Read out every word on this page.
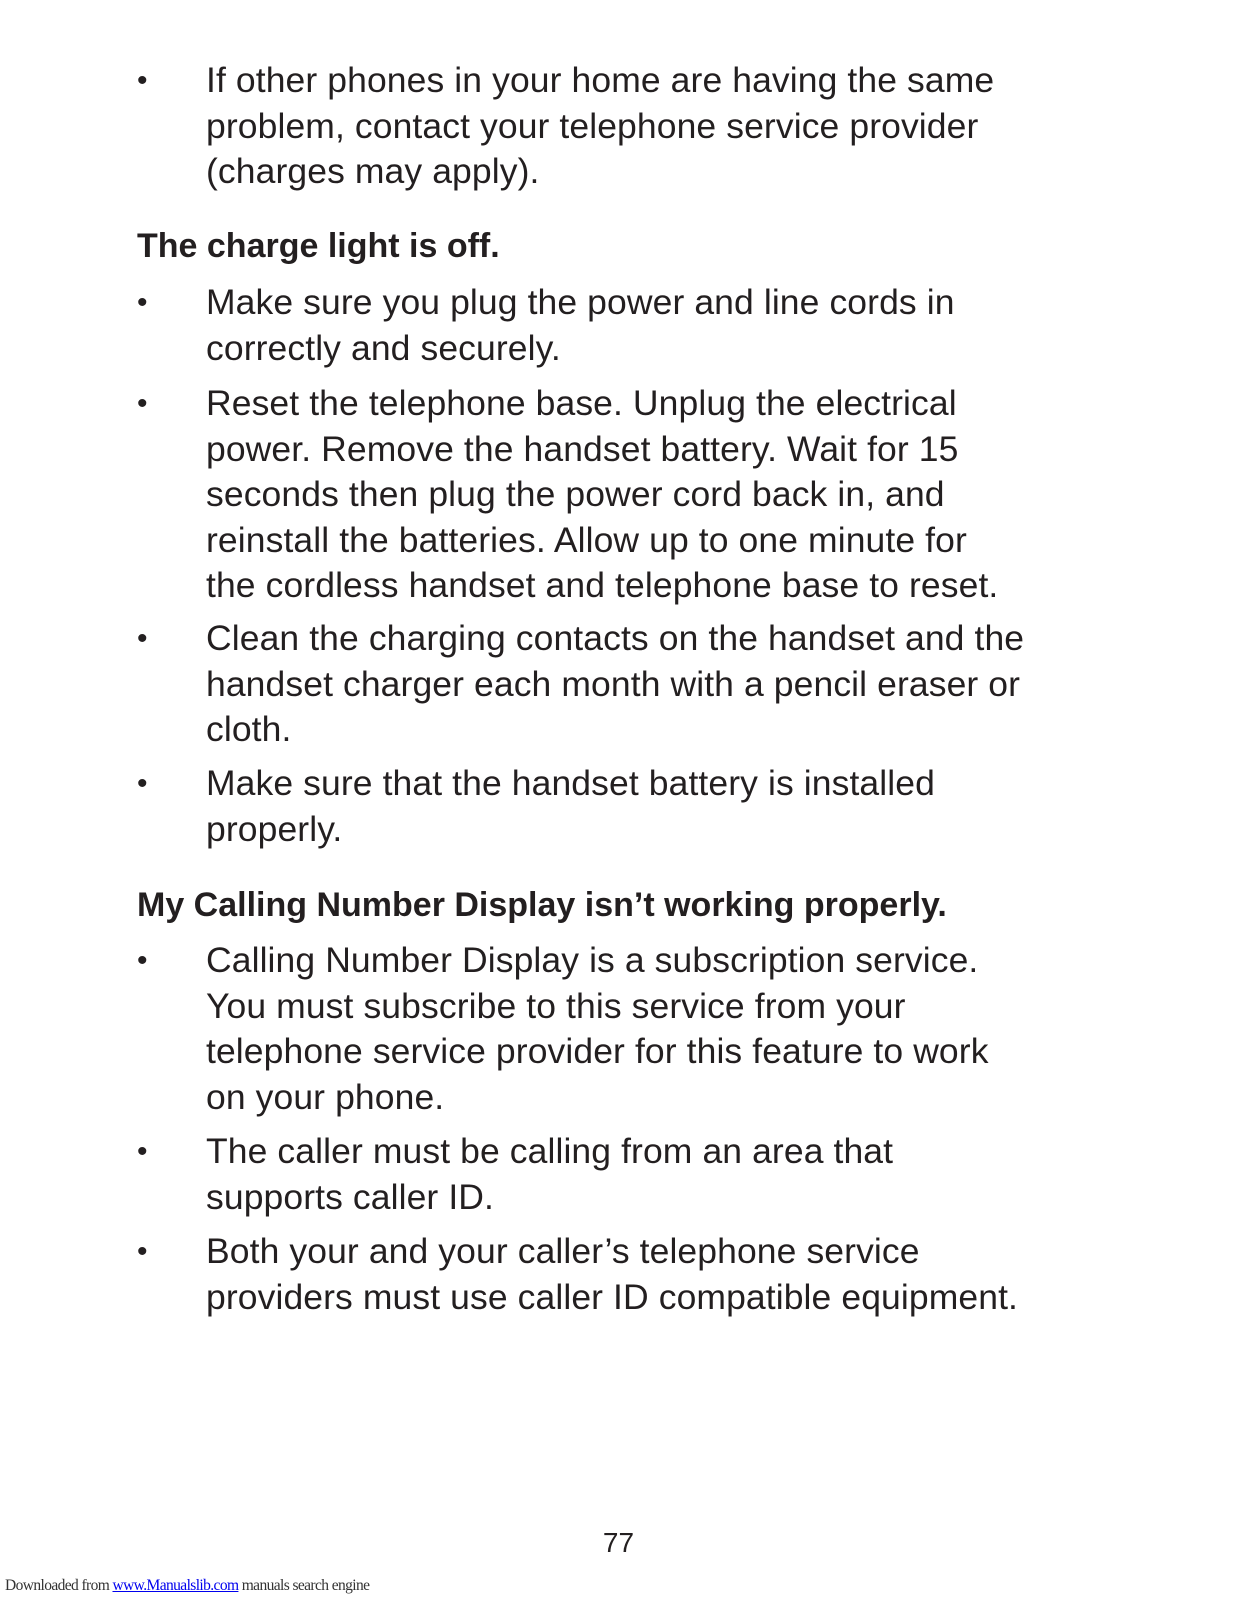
• If other phones in your home are having the same
problem, contact your telephone service provider
(charges may apply).
The charge light is off.
• Make sure you plug the power and line cords in
correctly and securely.
• Reset the telephone base. Unplug the electrical
power. Remove the handset battery. Wait for 15
seconds then plug the power cord back in, and
reinstall the batteries. Allow up to one minute for
the cordless handset and telephone base to reset.
• Clean the charging contacts on the handset and the
handset charger each month with a pencil eraser or
cloth.
• Make sure that the handset battery is installed
properly.
My Calling Number Display isn’t working properly.
• Calling Number Display is a subscription service.
You must subscribe to this service from your
telephone service provider for this feature to work
on your phone.
• The caller must be calling from an area that
supports caller ID.
• Both your and your caller’s telephone service
providers must use caller ID compatible equipment.
77
Downloaded from www.Manualslib.com manuals search engine
